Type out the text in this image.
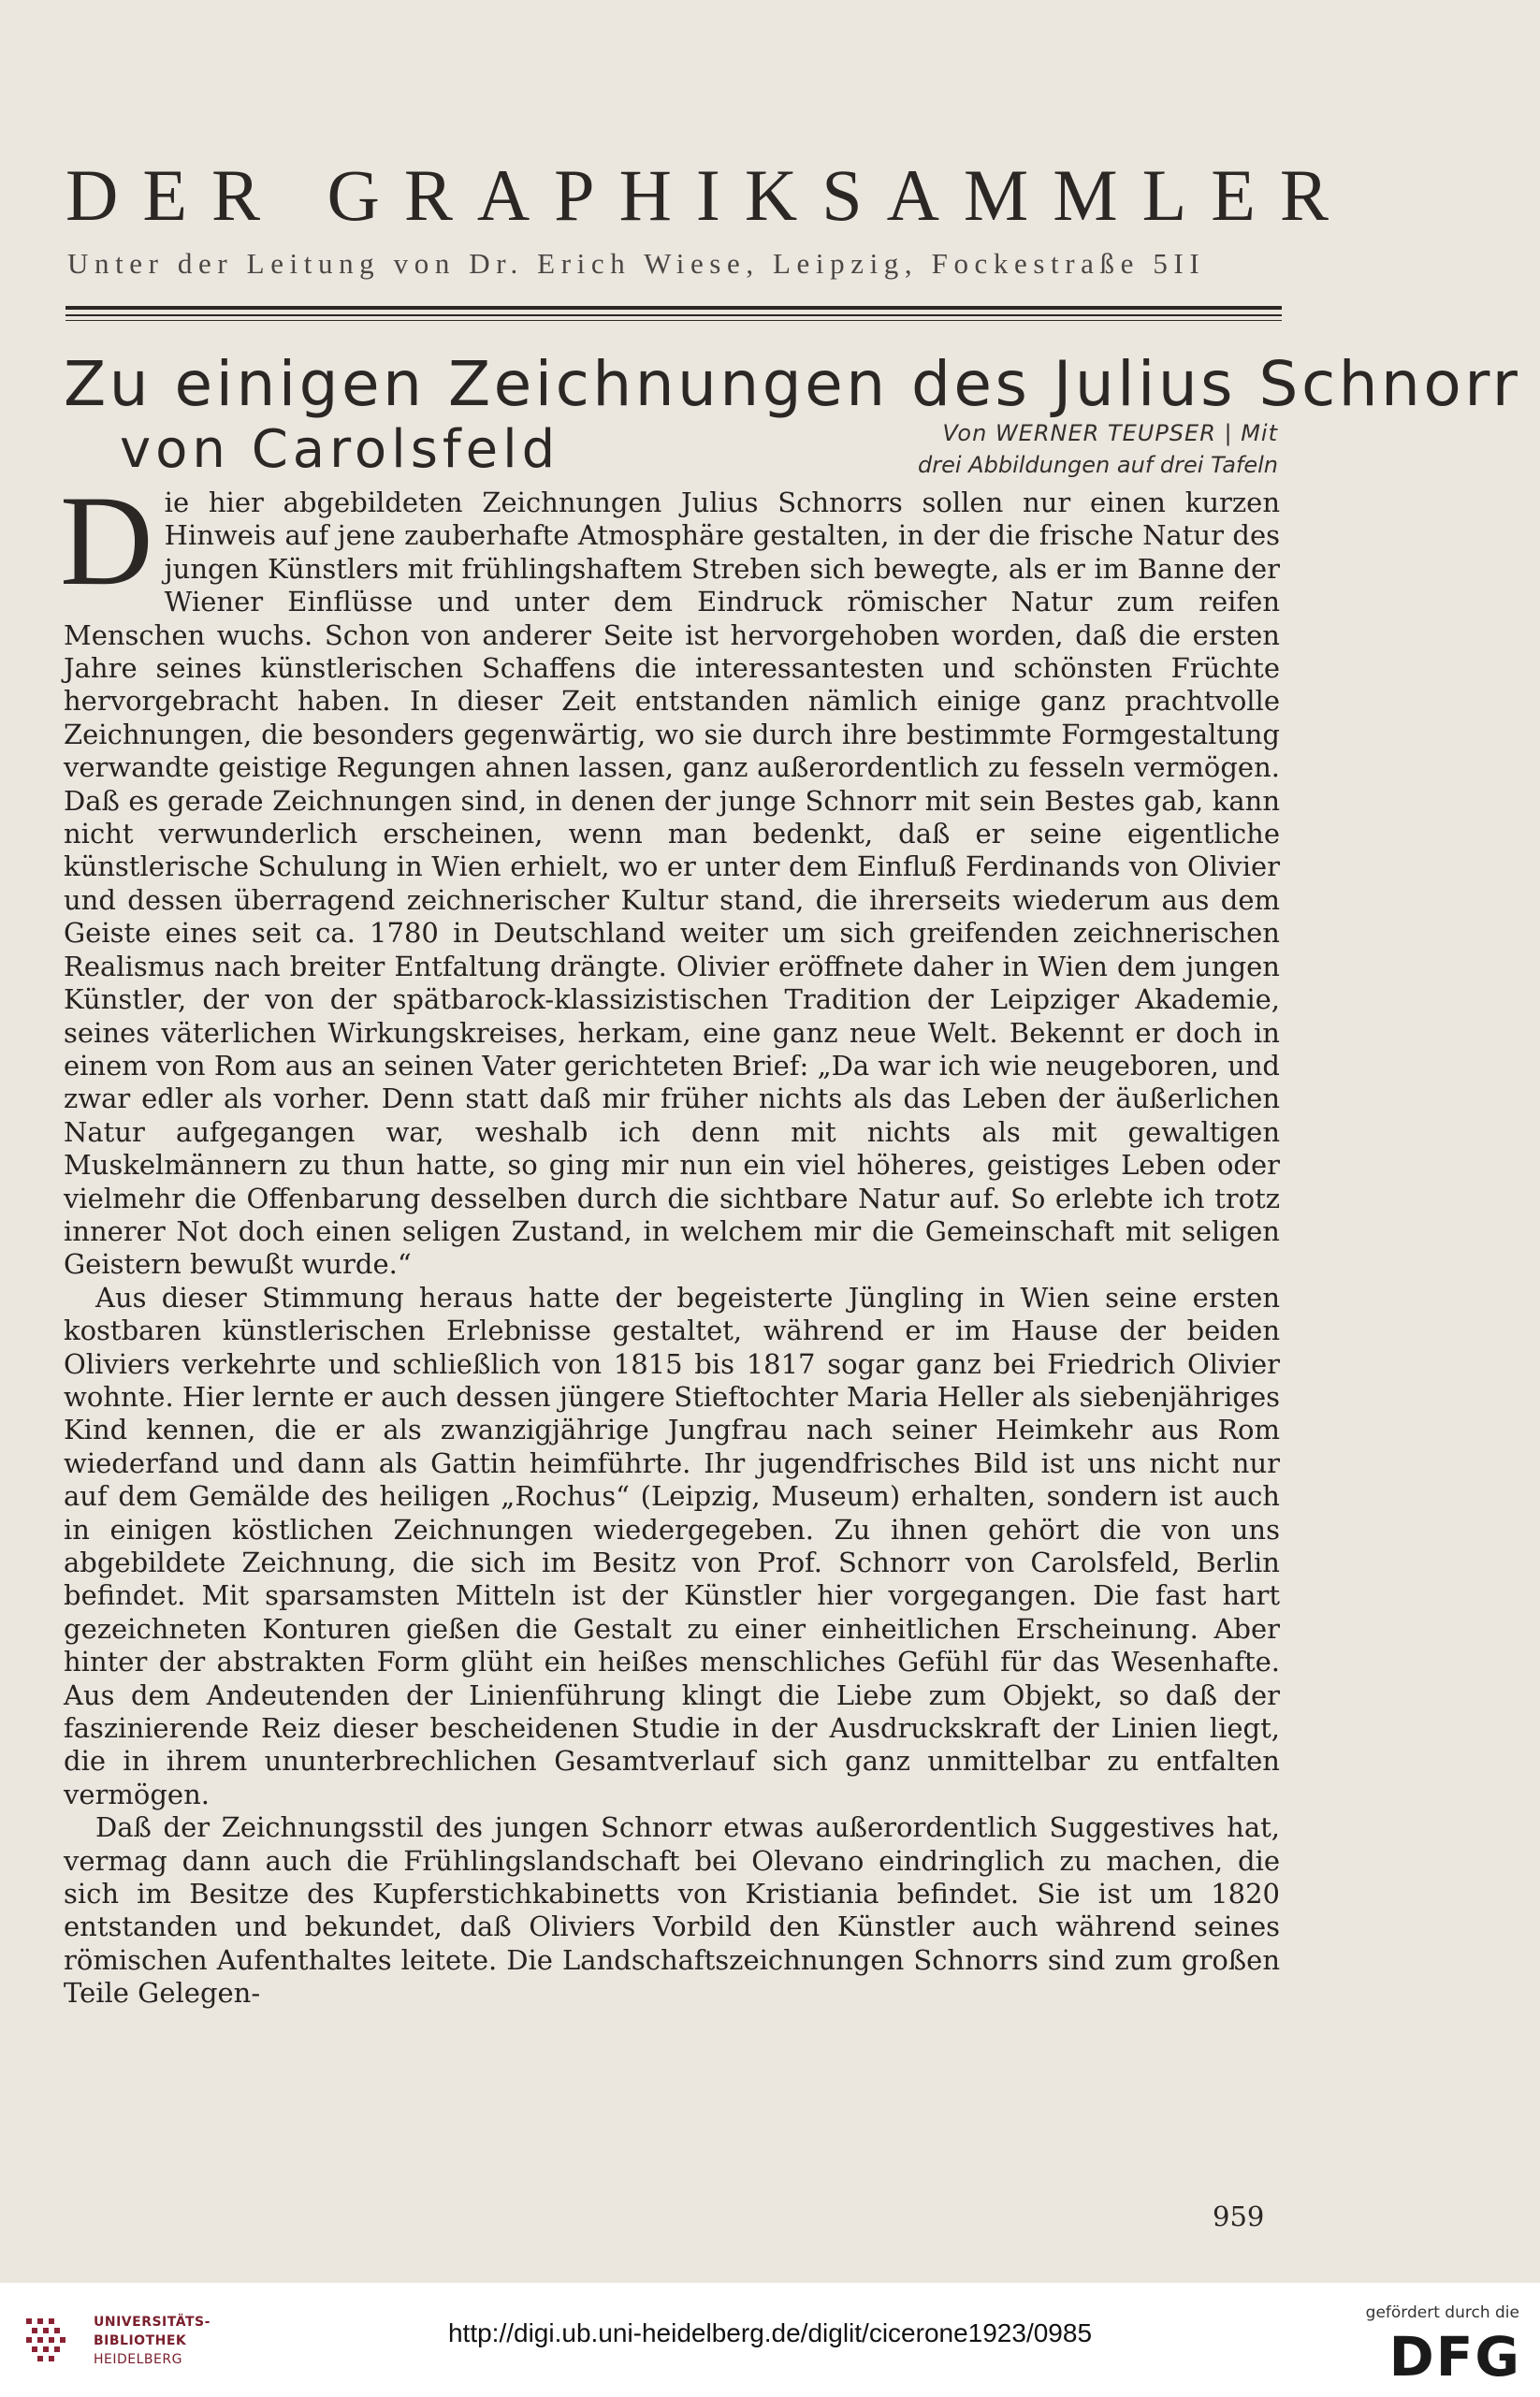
DER GRAPHIKSAMMLER
Unter der Leitung von Dr. Erich Wiese, Leipzig, Fockestraße 5II
Zu einigen Zeichnungen des Julius Schnorr
von Carolsfeld	Von WERNER TEUPSER | Mit
drei Abbildungen auf drei Tafeln

Die hier abgebildeten Zeichnungen Julius Schnorrs sollen nur einen kurzen Hinweis auf jene zauberhafte Atmosphäre gestalten, in der die frische Natur des jungen Künstlers mit frühlingshaftem Streben sich bewegte, als er im Banne der Wiener Einflüsse und unter dem Eindruck römischer Natur zum reifen Menschen wuchs. Schon von anderer Seite ist hervorgehoben worden, daß die ersten Jahre seines künstlerischen Schaffens die interessantesten und schönsten Früchte hervorgebracht haben. In dieser Zeit entstanden nämlich einige ganz prachtvolle Zeichnungen, die besonders gegenwärtig, wo sie durch ihre bestimmte Formgestaltung verwandte geistige Regungen ahnen lassen, ganz außerordentlich zu fesseln vermögen. Daß es gerade Zeichnungen sind, in denen der junge Schnorr mit sein Bestes gab, kann nicht verwunderlich erscheinen, wenn man bedenkt, daß er seine eigentliche künstlerische Schulung in Wien erhielt, wo er unter dem Einfluß Ferdinands von Olivier und dessen überragend zeichnerischer Kultur stand, die ihrerseits wiederum aus dem Geiste eines seit ca. 1780 in Deutschland weiter um sich greifenden zeichnerischen Realismus nach breiter Entfaltung drängte. Olivier eröffnete daher in Wien dem jungen Künstler, der von der spätbarock-klassizistischen Tradition der Leipziger Akademie, seines väterlichen Wirkungskreises, herkam, eine ganz neue Welt. Bekennt er doch in einem von Rom aus an seinen Vater gerichteten Brief: „Da war ich wie neugeboren, und zwar edler als vorher. Denn statt daß mir früher nichts als das Leben der äußerlichen Natur aufgegangen war, weshalb ich denn mit nichts als mit gewaltigen Muskelmännern zu thun hatte, so ging mir nun ein viel höheres, geistiges Leben oder vielmehr die Offenbarung desselben durch die sichtbare Natur auf. So erlebte ich trotz innerer Not doch einen seligen Zustand, in welchem mir die Gemeinschaft mit seligen Geistern bewußt wurde.“

Aus dieser Stimmung heraus hatte der begeisterte Jüngling in Wien seine ersten kostbaren künstlerischen Erlebnisse gestaltet, während er im Hause der beiden Oliviers verkehrte und schließlich von 1815 bis 1817 sogar ganz bei Friedrich Olivier wohnte. Hier lernte er auch dessen jüngere Stieftochter Maria Heller als siebenjähriges Kind kennen, die er als zwanzigjährige Jungfrau nach seiner Heimkehr aus Rom wiederfand und dann als Gattin heimführte. Ihr jugendfrisches Bild ist uns nicht nur auf dem Gemälde des heiligen „Rochus“ (Leipzig, Museum) erhalten, sondern ist auch in einigen köstlichen Zeichnungen wiedergegeben. Zu ihnen gehört die von uns abgebildete Zeichnung, die sich im Besitz von Prof. Schnorr von Carolsfeld, Berlin befindet. Mit sparsamsten Mitteln ist der Künstler hier vorgegangen. Die fast hart gezeichneten Konturen gießen die Gestalt zu einer einheitlichen Erscheinung. Aber hinter der abstrakten Form glüht ein heißes menschliches Gefühl für das Wesenhafte. Aus dem Andeutenden der Linienführung klingt die Liebe zum Objekt, so daß der faszinierende Reiz dieser bescheidenen Studie in der Ausdruckskraft der Linien liegt, die in ihrem ununterbrechlichen Gesamtverlauf sich ganz unmittelbar zu entfalten vermögen.

Daß der Zeichnungsstil des jungen Schnorr etwas außerordentlich Suggestives hat, vermag dann auch die Frühlingslandschaft bei Olevano eindringlich zu machen, die sich im Besitze des Kupferstichkabinetts von Kristiania befindet. Sie ist um 1820 entstanden und bekundet, daß Oliviers Vorbild den Künstler auch während seines römischen Aufenthaltes leitete. Die Landschaftszeichnungen Schnorrs sind zum großen Teile Gelegen-

959
UNIVERSITÄTS-
BIBLIOTHEK
HEIDELBERG
http://digi.ub.uni-heidelberg.de/diglit/cicerone1923/0985
gefördert durch die
DFG
